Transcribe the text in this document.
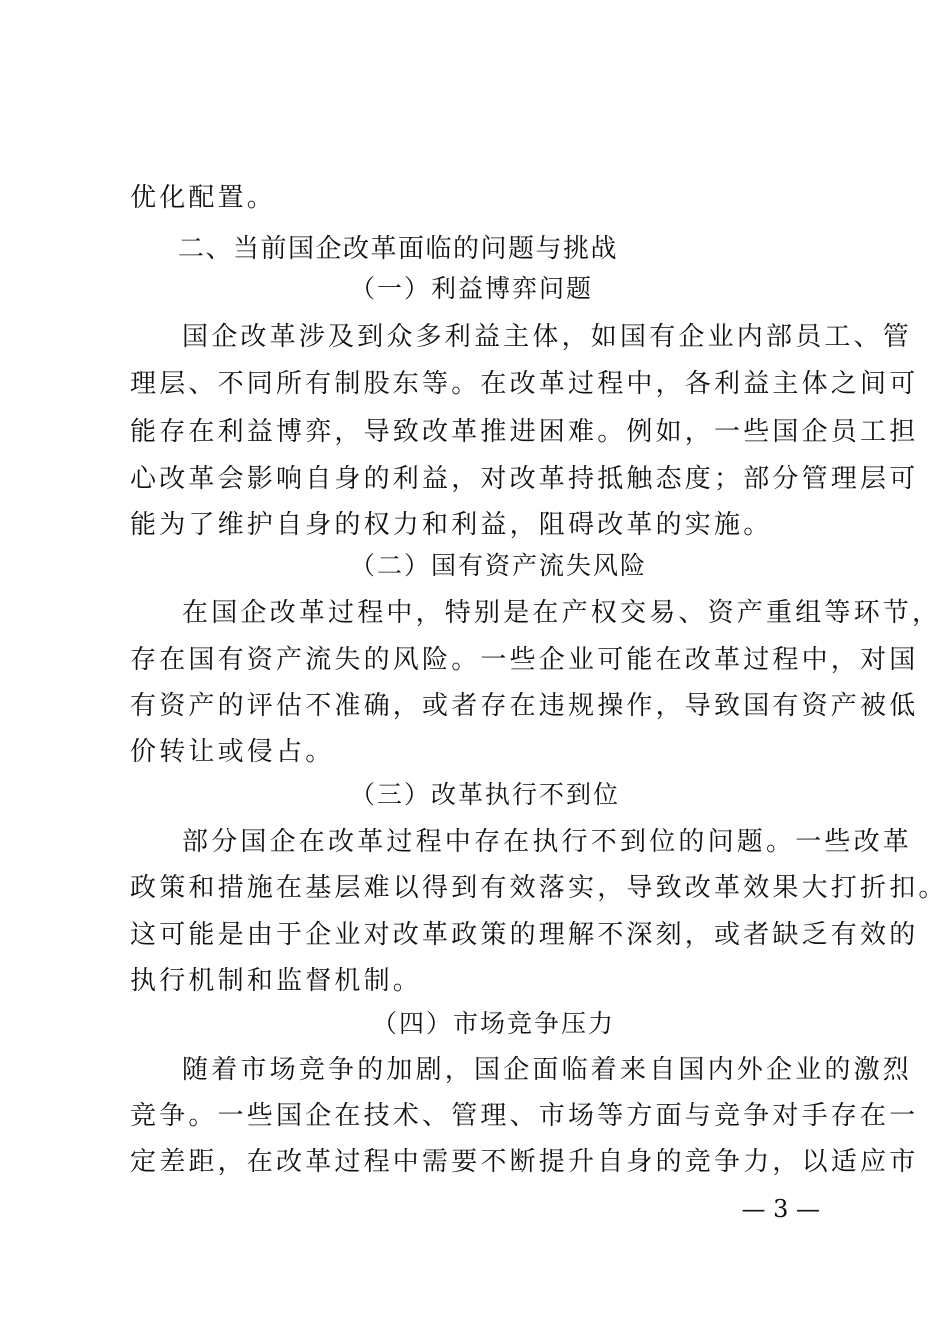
优化配置。
二、当前国企改革面临的问题与挑战
（一）利益博弈问题
国企改革涉及到众多利益主体，如国有企业内部员工、管
理层、不同所有制股东等。在改革过程中，各利益主体之间可
能存在利益博弈，导致改革推进困难。例如，一些国企员工担
心改革会影响自身的利益，对改革持抵触态度；部分管理层可
能为了维护自身的权力和利益，阻碍改革的实施。
（二）国有资产流失风险
在国企改革过程中，特别是在产权交易、资产重组等环节，
存在国有资产流失的风险。一些企业可能在改革过程中，对国
有资产的评估不准确，或者存在违规操作，导致国有资产被低
价转让或侵占。
（三）改革执行不到位
部分国企在改革过程中存在执行不到位的问题。一些改革
政策和措施在基层难以得到有效落实，导致改革效果大打折扣。
这可能是由于企业对改革政策的理解不深刻，或者缺乏有效的
执行机制和监督机制。
（四）市场竞争压力
随着市场竞争的加剧，国企面临着来自国内外企业的激烈
竞争。一些国企在技术、管理、市场等方面与竞争对手存在一
定差距，在改革过程中需要不断提升自身的竞争力，以适应市
— 3 —
